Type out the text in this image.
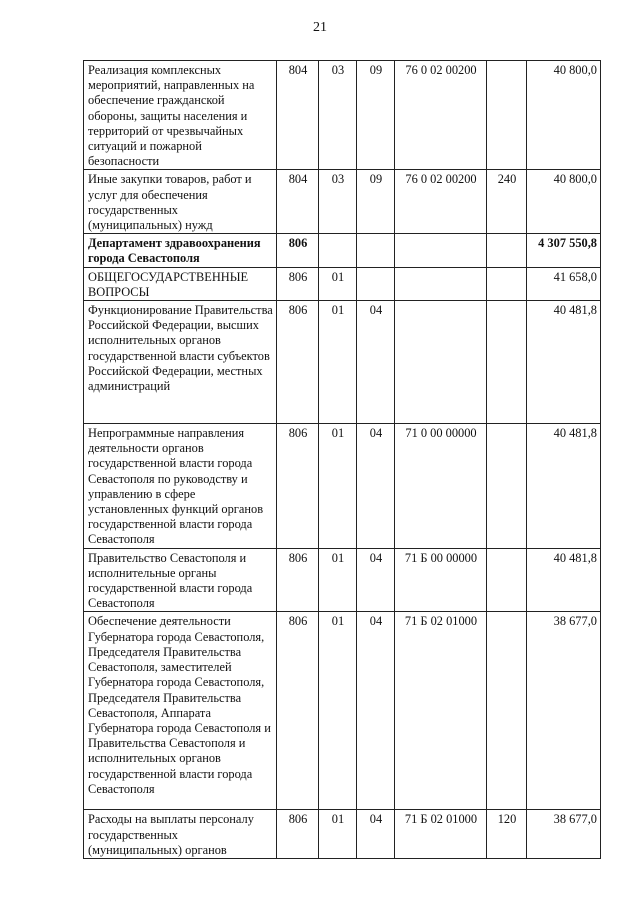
21
Реализация комплексных мероприятий, направленных на обеспечение гражданской обороны, защиты населения и территорий от чрезвычайных ситуаций и пожарной безопасности	804	03	09	76 0 02 00200		40 800,0
Иные закупки товаров, работ и услуг для обеспечения государственных (муниципальных) нужд	804	03	09	76 0 02 00200	240	40 800,0
Департамент здравоохранения города Севастополя	806					4 307 550,8
ОБЩЕГОСУДАРСТВЕННЫЕ ВОПРОСЫ	806	01				41 658,0
Функционирование Правительства Российской Федерации, высших исполнительных органов государственной власти субъектов Российской Федерации, местных администраций	806	01	04			40 481,8
Непрограммные направления деятельности органов государственной власти города Севастополя по руководству и управлению в сфере установленных функций органов государственной власти города Севастополя	806	01	04	71 0 00 00000		40 481,8
Правительство Севастополя и исполнительные органы государственной власти города Севастополя	806	01	04	71 Б 00 00000		40 481,8
Обеспечение деятельности Губернатора города Севастополя, Председателя Правительства Севастополя, заместителей Губернатора города Севастополя, Председателя Правительства Севастополя, Аппарата Губернатора города Севастополя и Правительства Севастополя и исполнительных органов государственной власти города Севастополя	806	01	04	71 Б 02 01000		38 677,0
Расходы на выплаты персоналу государственных (муниципальных) органов	806	01	04	71 Б 02 01000	120	38 677,0
